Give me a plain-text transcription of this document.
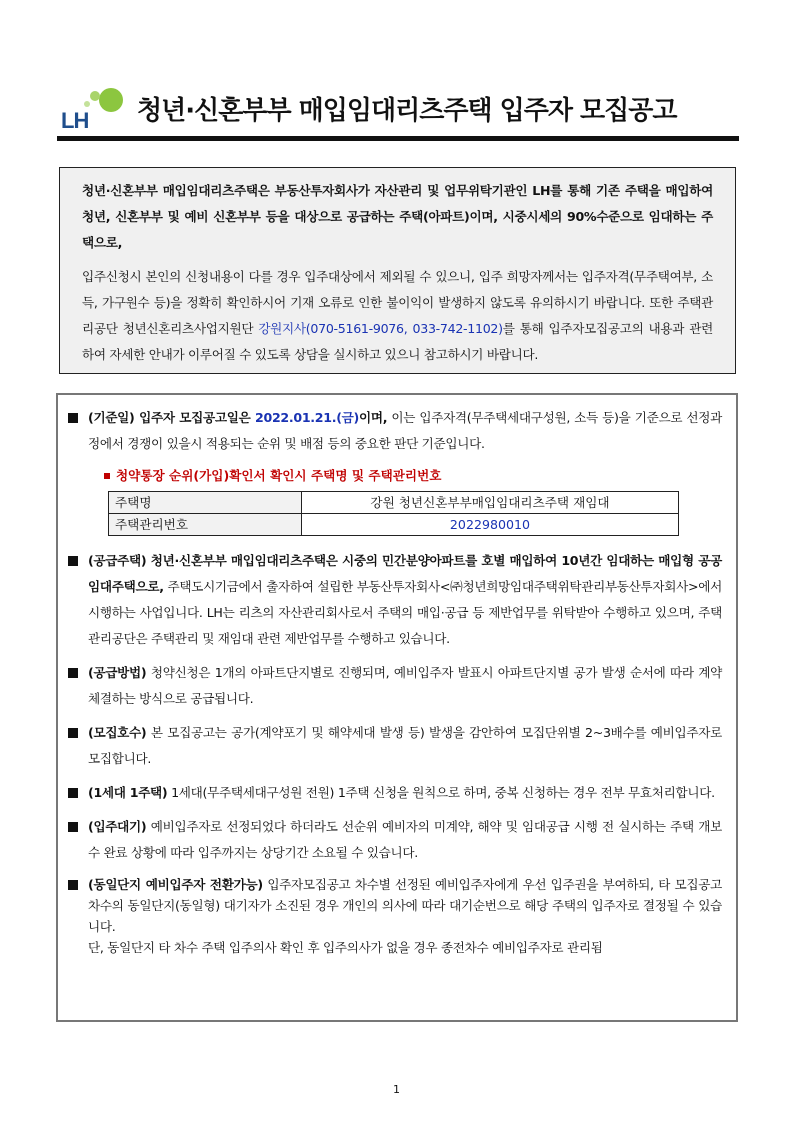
LH 청년·신혼부부 매입임대리츠주택 입주자 모집공고

청년·신혼부부 매입임대리츠주택은 부동산투자회사가 자산관리 및 업무위탁기관인 LH를 통해 기존 주택을 매입하여 청년, 신혼부부 및 예비 신혼부부 등을 대상으로 공급하는 주택(아파트)이며, 시중시세의 90%수준으로 임대하는 주택으로,

입주신청시 본인의 신청내용이 다를 경우 입주대상에서 제외될 수 있으니, 입주 희망자께서는 입주자격(무주택여부, 소득, 가구원수 등)을 정확히 확인하시어 기재 오류로 인한 불이익이 발생하지 않도록 유의하시기 바랍니다. 또한 주택관리공단 청년신혼리츠사업지원단 강원지사(070-5161-9076, 033-742-1102)를 통해 입주자모집공고의 내용과 관련하여 자세한 안내가 이루어질 수 있도록 상담을 실시하고 있으니 참고하시기 바랍니다.

(기준일) 입주자 모집공고일은 2022.01.21.(금)이며, 이는 입주자격(무주택세대구성원, 소득 등)을 기준으로 선정과정에서 경쟁이 있을시 적용되는 순위 및 배점 등의 중요한 판단 기준입니다.
청약통장 순위(가입)확인서 확인시 주택명 및 주택관리번호
주택명	강원 청년신혼부부매입임대리츠주택 재임대
주택관리번호	2022980010
(공급주택) 청년·신혼부부 매입임대리츠주택은 시중의 민간분양아파트를 호별 매입하여 10년간 임대하는 매입형 공공임대주택으로, 주택도시기금에서 출자하여 설립한 부동산투자회사<㈜청년희망임대주택위탁관리부동산투자회사>에서 시행하는 사업입니다. LH는 리츠의 자산관리회사로서 주택의 매입·공급 등 제반업무를 위탁받아 수행하고 있으며, 주택관리공단은 주택관리 및 재임대 관련 제반업무를 수행하고 있습니다.
(공급방법) 청약신청은 1개의 아파트단지별로 진행되며, 예비입주자 발표시 아파트단지별 공가 발생 순서에 따라 계약 체결하는 방식으로 공급됩니다.
(모집호수) 본 모집공고는 공가(계약포기 및 해약세대 발생 등) 발생을 감안하여 모집단위별 2~3배수를 예비입주자로 모집합니다.
(1세대 1주택) 1세대(무주택세대구성원 전원) 1주택 신청을 원칙으로 하며, 중복 신청하는 경우 전부 무효처리합니다.
(입주대기) 예비입주자로 선정되었다 하더라도 선순위 예비자의 미계약, 해약 및 임대공급 시행 전 실시하는 주택 개보수 완료 상황에 따라 입주까지는 상당기간 소요될 수 있습니다.
(동일단지 예비입주자 전환가능) 입주자모집공고 차수별 선정된 예비입주자에게 우선 입주권을 부여하되, 타 모집공고 차수의 동일단지(동일형) 대기자가 소진된 경우 개인의 의사에 따라 대기순번으로 해당 주택의 입주자로 결정될 수 있습니다.
단, 동일단지 타 차수 주택 입주의사 확인 후 입주의사가 없을 경우 종전차수 예비입주자로 관리됨
1
